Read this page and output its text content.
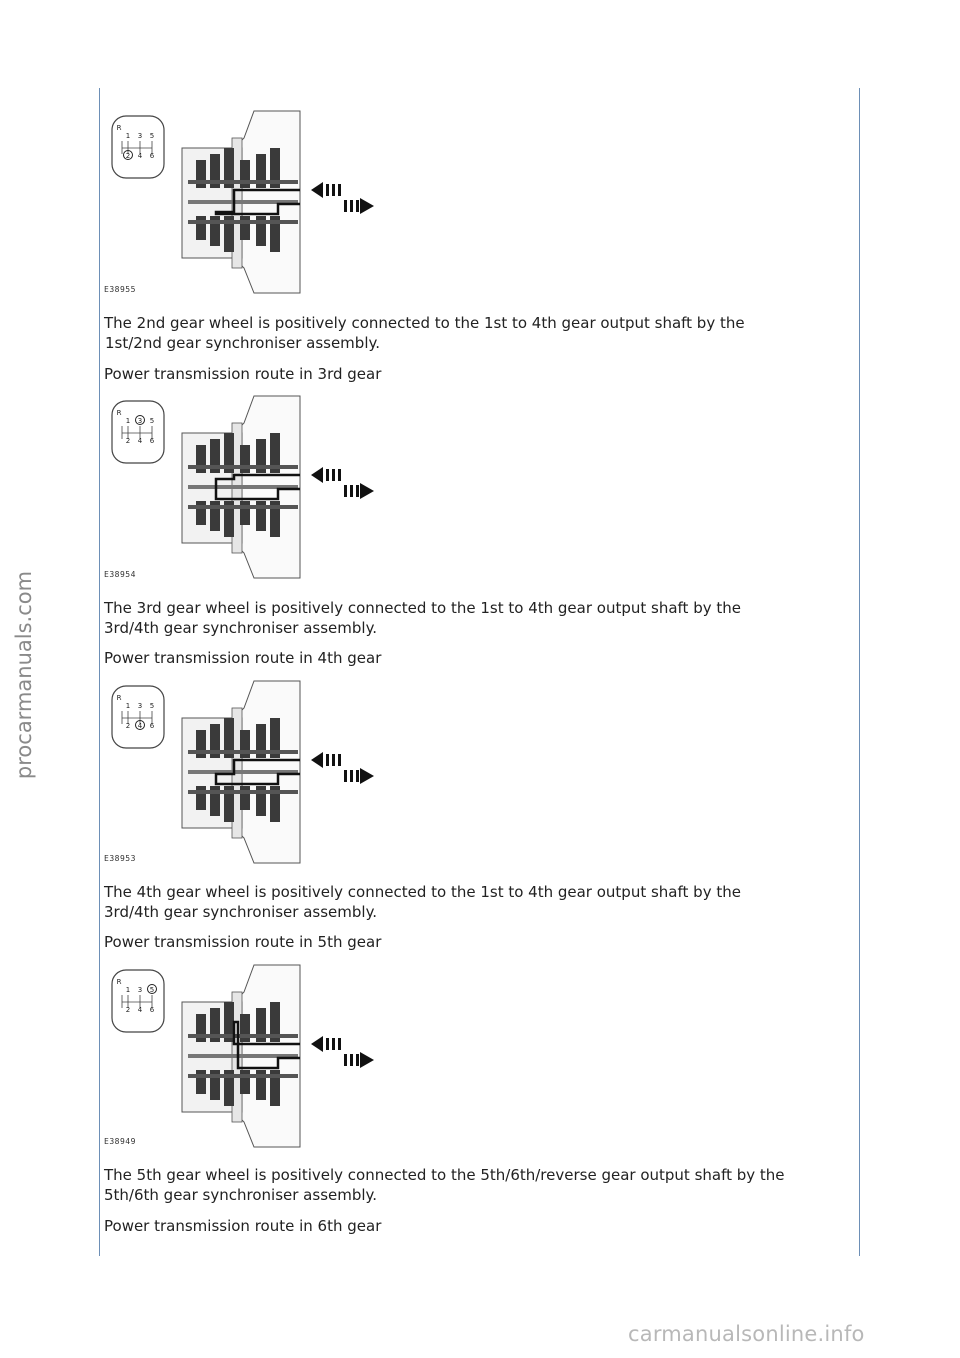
procarmanuals.com
carmanualsonline.info
R
1 3 5
2 4 6
E38955
The 2nd gear wheel is positively connected to the 1st to 4th gear output shaft by the
1st/2nd gear synchroniser assembly.
Power transmission route in 3rd gear
R
1 3 5
2 4 6
E38954
The 3rd gear wheel is positively connected to the 1st to 4th gear output shaft by the
3rd/4th gear synchroniser assembly.
Power transmission route in 4th gear
R
1 3 5
2 4 6
E38953
The 4th gear wheel is positively connected to the 1st to 4th gear output shaft by the
3rd/4th gear synchroniser assembly.
Power transmission route in 5th gear
R
1 3 5
2 4 6
E38949
The 5th gear wheel is positively connected to the 5th/6th/reverse gear output shaft by the
5th/6th gear synchroniser assembly.
Power transmission route in 6th gear
